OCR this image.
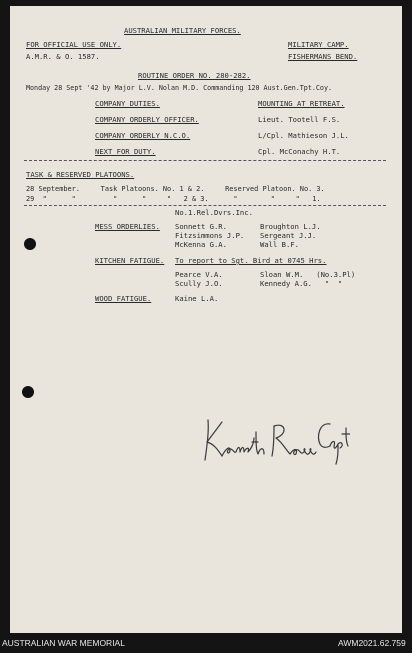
AUSTRALIAN MILITARY FORCES.
FOR OFFICIAL USE ONLY.
A.M.R. & O. 1587.
MILITARY CAMP.
FISHERMANS BEND.
ROUTINE ORDER NO. 280-282.
Monday 28 Sept '42 by Major L.V. Nolan M.D. Commanding 120 Aust.Gen.Tpt.Coy.
COMPANY DUTIES.
COMPANY ORDERLY OFFICER.
COMPANY ORDERLY N.C.O.
NEXT FOR DUTY.
MOUNTING AT RETREAT.
Lieut. Tootell F.S.
L/Cpl. Mathieson J.L.
Cpl. McConachy H.T.
TASK & RESERVED PLATOONS.
28 September.     Task Platoons. No. 1 & 2.     Reserved Platoon. No. 3.
29  "      "         "      "     "   2 & 3.      "        "     "   1.
No.1.Rel.Dvrs.Inc.
MESS ORDERLIES. Sonnett G.R.
Fitzsimmons J.P.
McKenna G.A.
Broughton L.J.
Sergeant J.J.
Wall B.F.
KITCHEN FATIGUE. To report to Sgt. Bird at 0745 Hrs.
Pearce V.A.
Scully J.O.
Sloan W.M.   (No.3.Pl)
Kennedy A.G.   "  "
WOOD FATIGUE.	Kaine L.A.
AUSTRALIAN WAR MEMORIAL	AWM2021.62.759
